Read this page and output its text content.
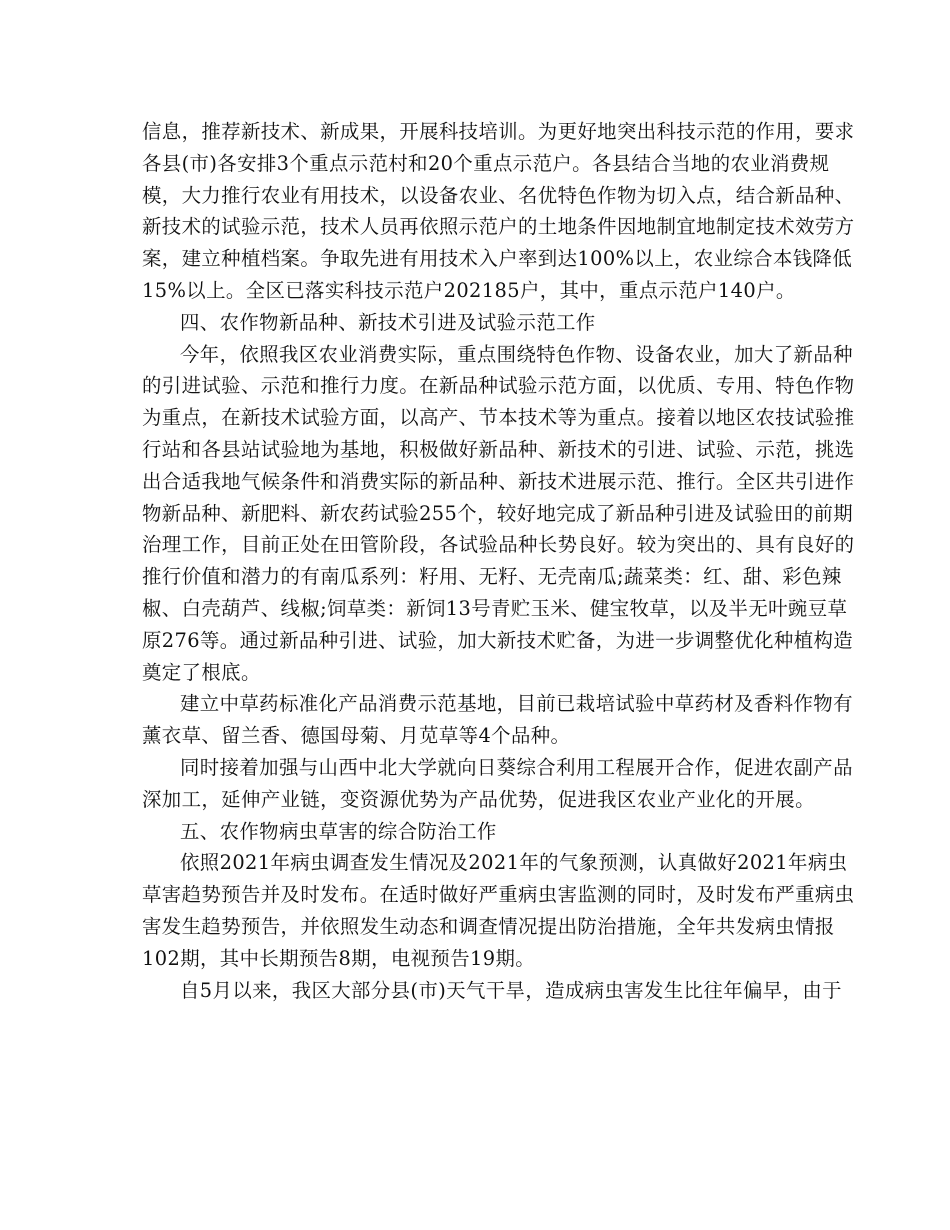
信息，推荐新技术、新成果，开展科技培训。为更好地突出科技示范的作用，要求
各县(市)各安排3个重点示范村和20个重点示范户。各县结合当地的农业消费规
模，大力推行农业有用技术，以设备农业、名优特色作物为切入点，结合新品种、
新技术的试验示范，技术人员再依照示范户的土地条件因地制宜地制定技术效劳方
案，建立种植档案。争取先进有用技术入户率到达100%以上，农业综合本钱降低
15%以上。全区已落实科技示范户202185户，其中，重点示范户140户。
四、农作物新品种、新技术引进及试验示范工作
今年，依照我区农业消费实际，重点围绕特色作物、设备农业，加大了新品种
的引进试验、示范和推行力度。在新品种试验示范方面，以优质、专用、特色作物
为重点，在新技术试验方面，以高产、节本技术等为重点。接着以地区农技试验推
行站和各县站试验地为基地，积极做好新品种、新技术的引进、试验、示范，挑选
出合适我地气候条件和消费实际的新品种、新技术进展示范、推行。全区共引进作
物新品种、新肥料、新农药试验255个，较好地完成了新品种引进及试验田的前期
治理工作，目前正处在田管阶段，各试验品种长势良好。较为突出的、具有良好的
推行价值和潜力的有南瓜系列：籽用、无籽、无壳南瓜;蔬菜类：红、甜、彩色辣
椒、白壳葫芦、线椒;饲草类：新饲13号青贮玉米、健宝牧草，以及半无叶豌豆草
原276等。通过新品种引进、试验，加大新技术贮备，为进一步调整优化种植构造
奠定了根底。
建立中草药标准化产品消费示范基地，目前已栽培试验中草药材及香料作物有
薰衣草、留兰香、德国母菊、月苋草等4个品种。
同时接着加强与山西中北大学就向日葵综合利用工程展开合作，促进农副产品
深加工，延伸产业链，变资源优势为产品优势，促进我区农业产业化的开展。
五、农作物病虫草害的综合防治工作
依照2021年病虫调查发生情况及2021年的气象预测，认真做好2021年病虫
草害趋势预告并及时发布。在适时做好严重病虫害监测的同时，及时发布严重病虫
害发生趋势预告，并依照发生动态和调查情况提出防治措施，全年共发病虫情报
102期，其中长期预告8期，电视预告19期。
自5月以来，我区大部分县(市)天气干旱，造成病虫害发生比往年偏早，由于
